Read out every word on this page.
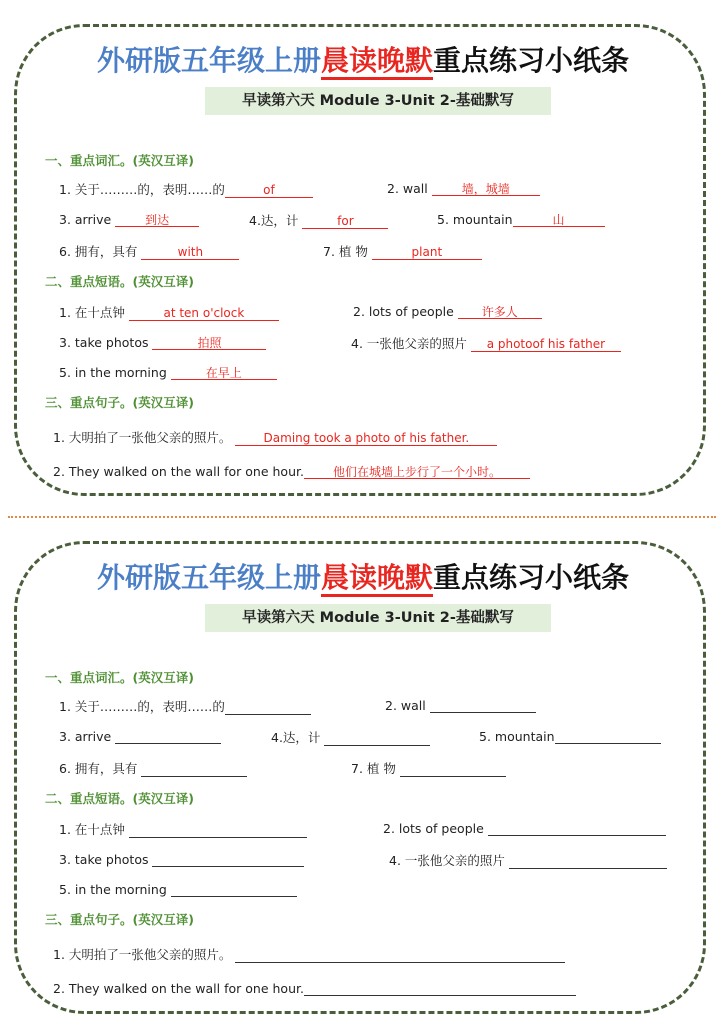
外研版五年级上册晨读晚默重点练习小纸条
早读第六天 Module 3-Unit 2-基础默写
一、重点词汇。(英汉互译)
1. 关于………的，表明……的	of	2. wall	墙，城墙
3. arrive	到达	4.达，计	for	5. mountain	山
6. 拥有，具有	with	7. 植 物	plant
二、重点短语。(英汉互译)
1. 在十点钟	at ten o'clock	2. lots of people 许多人
3. take photos	拍照	4. 一张他父亲的照片 a photoof his father
5. in the morning	在早上
三、重点句子。(英汉互译)
1. 大明拍了一张他父亲的照片。	Daming took a photo of his father.
2. They walked on the wall for one hour. 他们在城墙上步行了一个小时。
外研版五年级上册晨读晚默重点练习小纸条
早读第六天 Module 3-Unit 2-基础默写
一、重点词汇。(英汉互译)
1. 关于………的，表明……的	2. wall
3. arrive	4.达，计	5. mountain
6. 拥有，具有	7. 植 物
二、重点短语。(英汉互译)
1. 在十点钟	2. lots of people
3. take photos	4. 一张他父亲的照片
5. in the morning
三、重点句子。(英汉互译)
1. 大明拍了一张他父亲的照片。
2. They walked on the wall for one hour.
